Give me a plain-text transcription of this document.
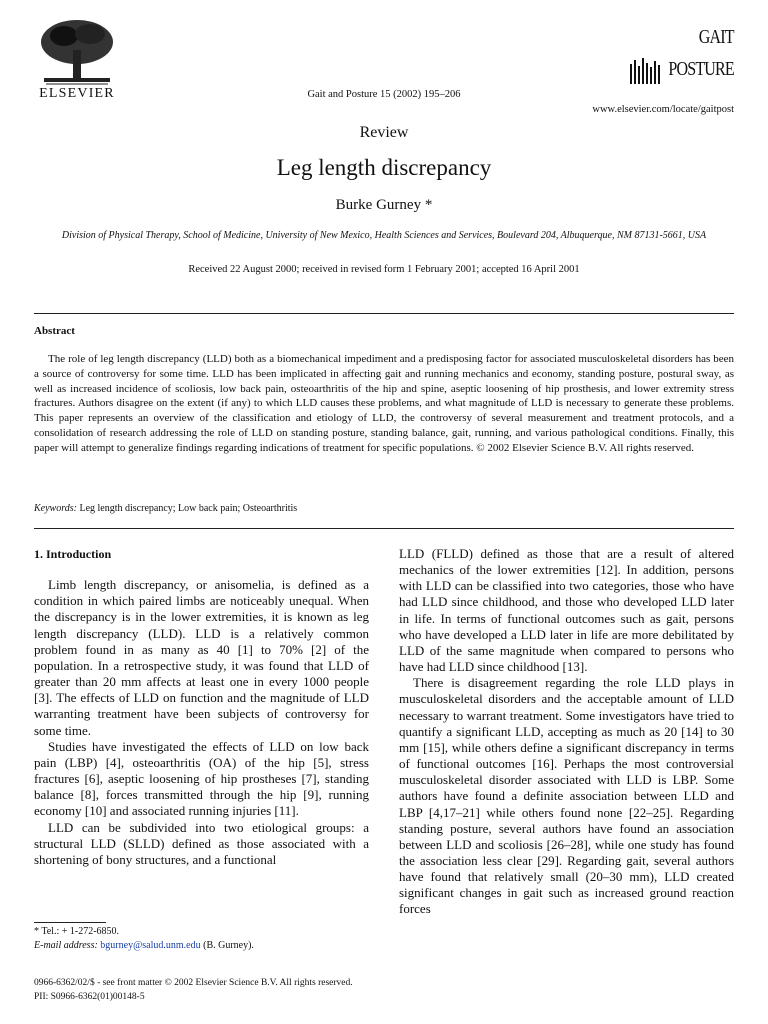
ELSEVIER	Gait and Posture 15 (2002) 195–206
GAIT
POSTURE
www.elsevier.com/locate/gaitpost
Review
Leg length discrepancy
Burke Gurney *
Division of Physical Therapy, School of Medicine, University of New Mexico, Health Sciences and Services, Boulevard 204, Albuquerque, NM 87131-5661, USA
Received 22 August 2000; received in revised form 1 February 2001; accepted 16 April 2001
Abstract

The role of leg length discrepancy (LLD) both as a biomechanical impediment and a predisposing factor for associated musculoskeletal disorders has been a source of controversy for some time. LLD has been implicated in affecting gait and running mechanics and economy, standing posture, postural sway, as well as increased incidence of scoliosis, low back pain, osteoarthritis of the hip and spine, aseptic loosening of hip prosthesis, and lower extremity stress fractures. Authors disagree on the extent (if any) to which LLD causes these problems, and what magnitude of LLD is necessary to generate these problems. This paper represents an overview of the classification and etiology of LLD, the controversy of several measurement and treatment protocols, and a consolidation of research addressing the role of LLD on standing posture, standing balance, gait, running, and various pathological conditions. Finally, this paper will attempt to generalize findings regarding indications of treatment for specific populations. © 2002 Elsevier Science B.V. All rights reserved.

Keywords: Leg length discrepancy; Low back pain; Osteoarthritis

1. Introduction

Limb length discrepancy, or anisomelia, is defined as a condition in which paired limbs are noticeably unequal. When the discrepancy is in the lower extremities, it is known as leg length discrepancy (LLD). LLD is a relatively common problem found in as many as 40 [1] to 70% [2] of the population. In a retrospective study, it was found that LLD of greater than 20 mm affects at least one in every 1000 people [3]. The effects of LLD on function and the magnitude of LLD warranting treatment have been subjects of controversy for some time.

Studies have investigated the effects of LLD on low back pain (LBP) [4], osteoarthritis (OA) of the hip [5], stress fractures [6], aseptic loosening of hip prostheses [7], standing balance [8], forces transmitted through the hip [9], running economy [10] and associated running injuries [11].

LLD can be subdivided into two etiological groups: a structural LLD (SLLD) defined as those associated with a shortening of bony structures, and a functional

LLD (FLLD) defined as those that are a result of altered mechanics of the lower extremities [12]. In addition, persons with LLD can be classified into two categories, those who have had LLD since childhood, and those who developed LLD later in life. In terms of functional outcomes such as gait, persons who have developed a LLD later in life are more debilitated by LLD of the same magnitude when compared to persons who have had LLD since childhood [13].

There is disagreement regarding the role LLD plays in musculoskeletal disorders and the acceptable amount of LLD necessary to warrant treatment. Some investigators have tried to quantify a significant LLD, accepting as much as 20 [14] to 30 mm [15], while others define a significant discrepancy in terms of functional outcomes [16]. Perhaps the most controversial musculoskeletal disorder associated with LLD is LBP. Some authors have found a definite association between LLD and LBP [4,17–21] while others found none [22–25]. Regarding standing posture, several authors have found an association between LLD and scoliosis [26–28], while one study has found the association less clear [29]. Regarding gait, several authors have found that relatively small (20–30 mm), LLD created significant changes in gait such as increased ground reaction forces

* Tel.: + 1-272-6850.
E-mail address: bgurney@salud.unm.edu (B. Gurney).
0966-6362/02/$ - see front matter © 2002 Elsevier Science B.V. All rights reserved.
PII: S0966-6362(01)00148-5
